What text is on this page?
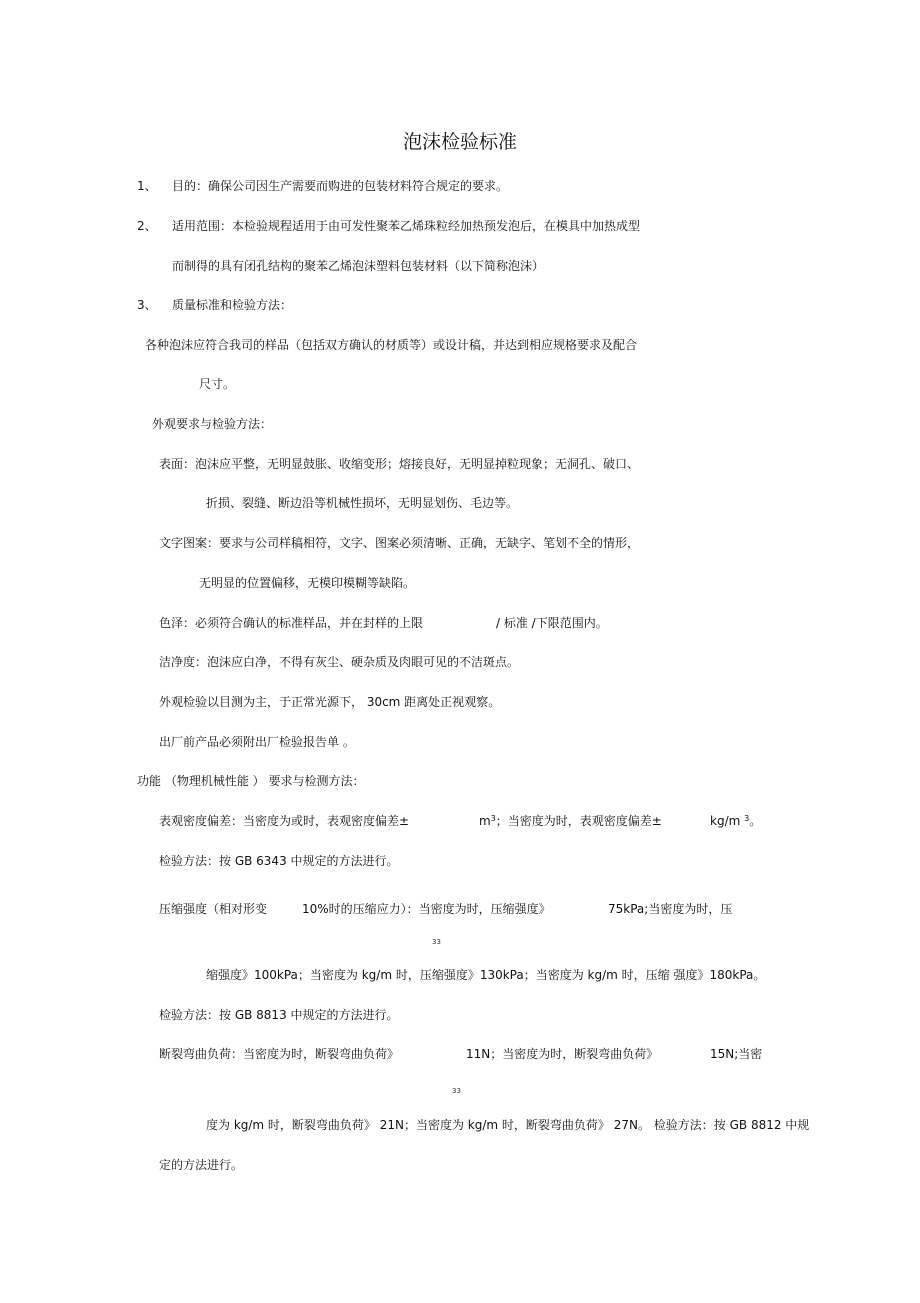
泡沫检验标准
1、 目的：确保公司因生产需要而购进的包装材料符合规定的要求。
2、 适用范围：本检验规程适用于由可发性聚苯乙烯珠粒经加热预发泡后，在模具中加热成型
而制得的具有闭孔结构的聚苯乙烯泡沫塑料包装材料（以下简称泡沫）
3、 质量标准和检验方法：
各种泡沫应符合我司的样品（包括双方确认的材质等）或设计稿，并达到相应规格要求及配合
尺寸。
外观要求与检验方法：
表面：泡沫应平整，无明显鼓胀、收缩变形；熔接良好，无明显掉粒现象；无洞孔、破口、
折损、裂缝、断边沿等机械性损坏，无明显划伤、毛边等。
文字图案：要求与公司样稿相符，文字、图案必须清晰、正确，无缺字、笔划不全的情形，
无明显的位置偏移，无模印模糊等缺陷。
色泽：必须符合确认的标准样品，并在封样的上限	/ 标准 /下限范围内。
洁净度：泡沫应白净，不得有灰尘、硬杂质及肉眼可见的不洁斑点。
外观检验以目测为主，于正常光源下， 30cm 距离处正视观察。
出厂前产品必须附出厂检验报告单 。
功能 （物理机械性能 ） 要求与检测方法：
表观密度偏差：当密度为或时，表观密度偏差±	$m^3$；当密度为时，表观密度偏差±	kg/m $^3$。
检验方法：按 GB 6343 中规定的方法进行。
压缩强度（相对形变	10%时的压缩应力）：当密度为时，压缩强度》	75kPa;当密度为时，压
33
缩强度》100kPa；当密度为 kg/m 时，压缩强度》130kPa；当密度为 kg/m 时，压缩 强度》180kPa。
检验方法：按 GB 8813 中规定的方法进行。
断裂弯曲负荷：当密度为时，断裂弯曲负荷》	11N；当密度为时，断裂弯曲负荷》	15N;当密
33
度为 kg/m 时，断裂弯曲负荷》 21N；当密度为 kg/m 时，断裂弯曲负荷》 27N。 检验方法：按 GB 8812 中规
定的方法进行。
